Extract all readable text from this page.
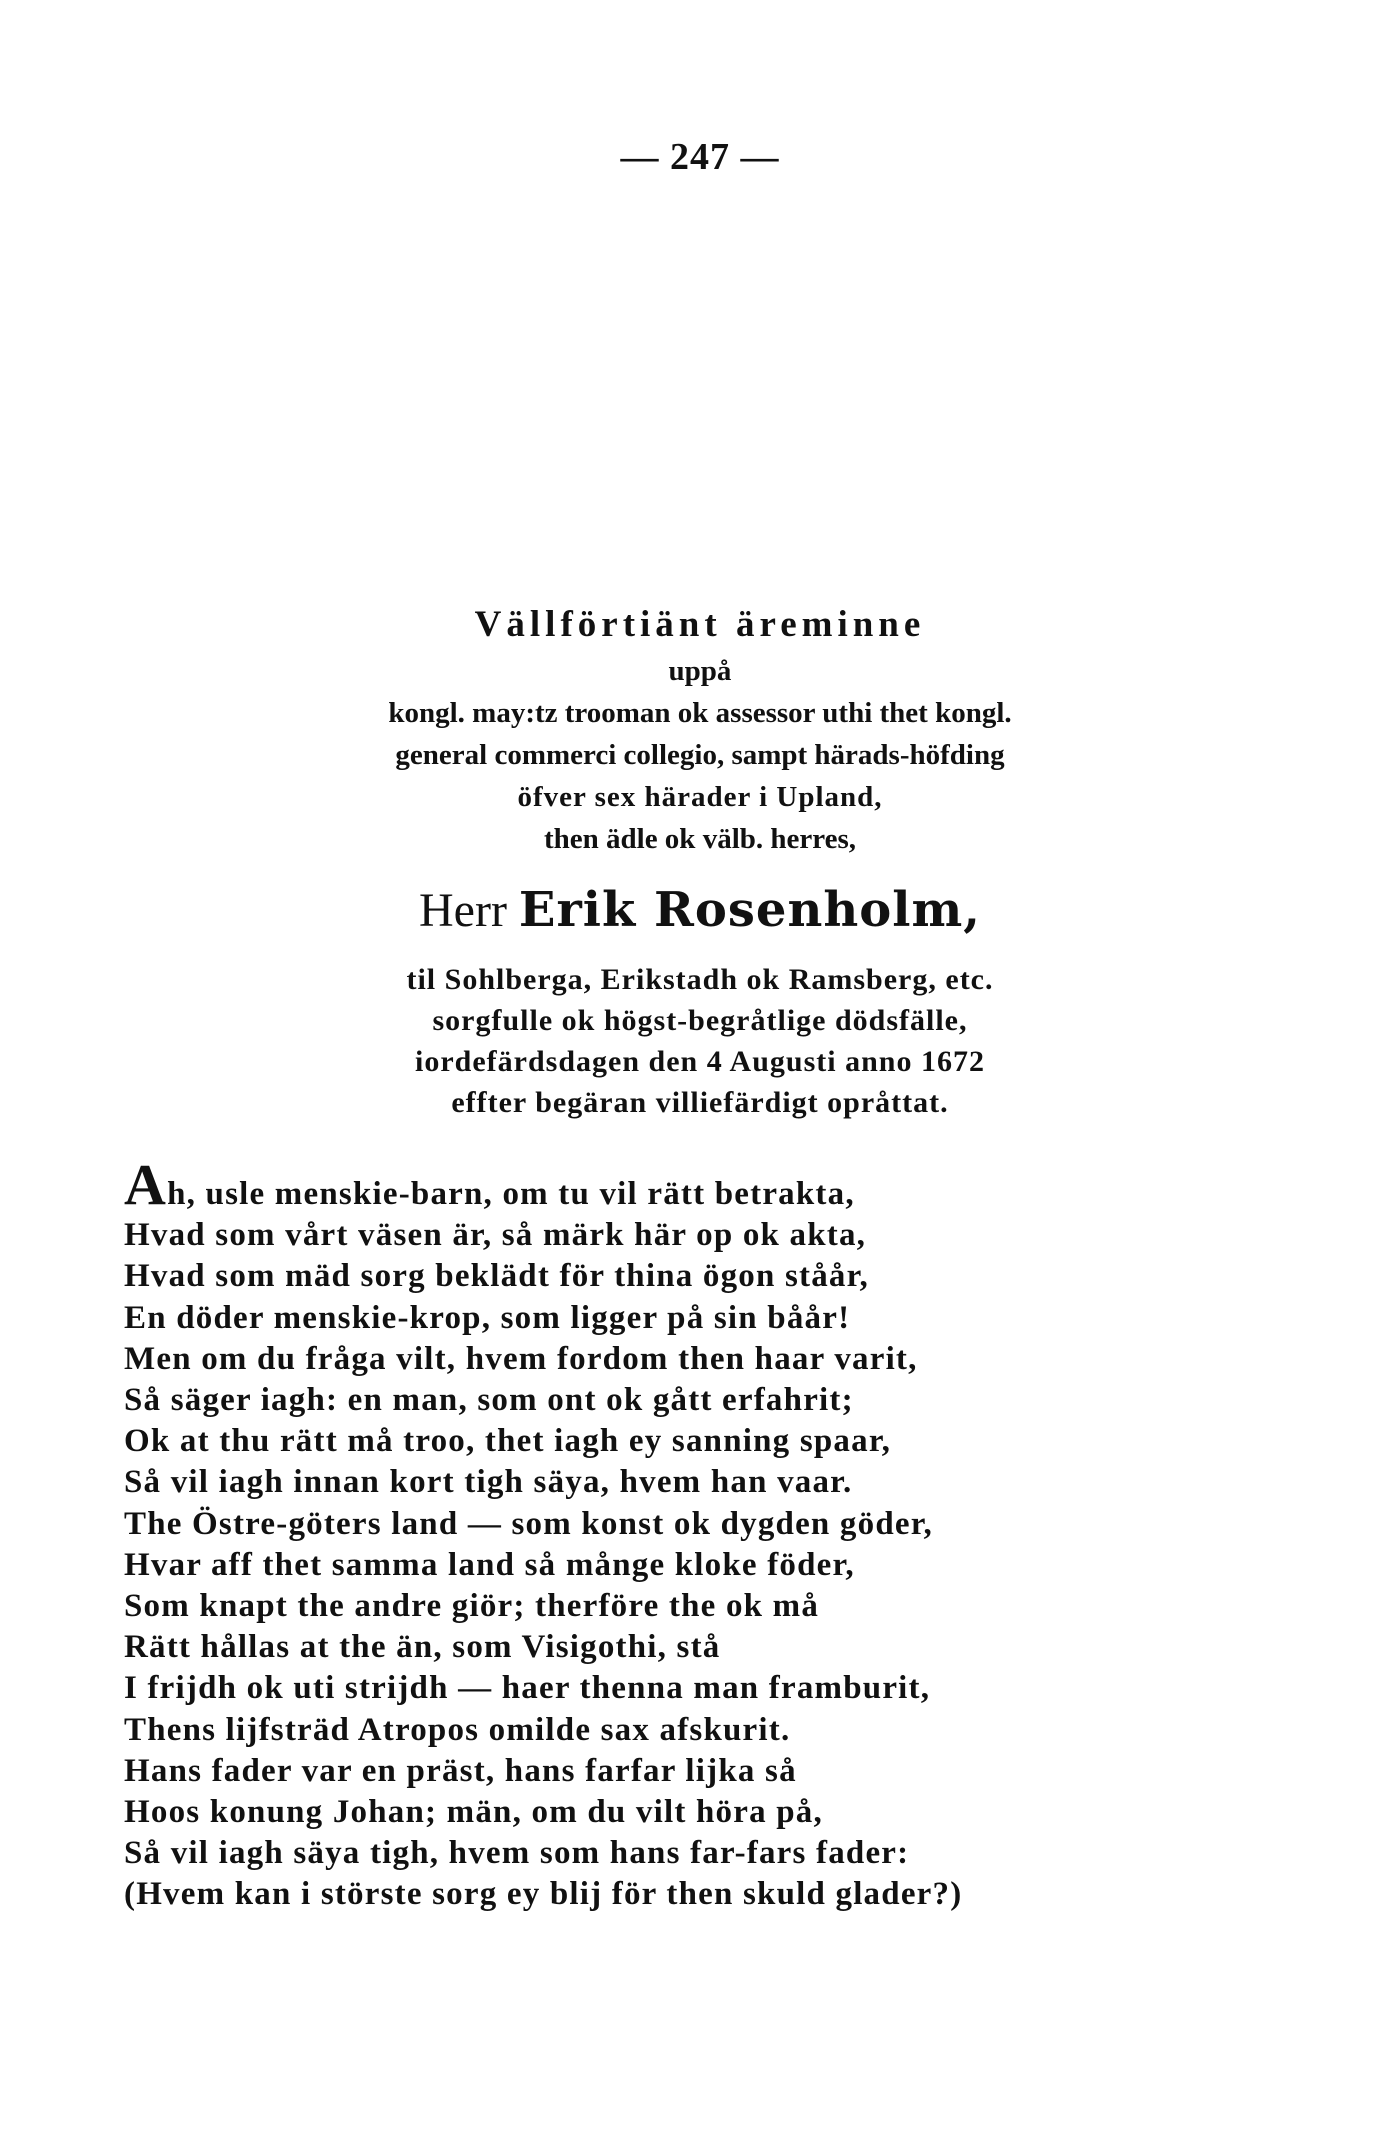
— 247 —
Vällförtiänt äreminne
uppå
kongl. may:tz trooman ok assessor uthi thet kongl.
general commerci collegio, sampt härads-höfding
öfver sex härader i Upland,
then ädle ok välb. herres,
Herr Erik Rosenholm,
til Sohlberga, Erikstadh ok Ramsberg, etc.
sorgfulle ok högst-begråtlige dödsfälle,
iordefärdsdagen den 4 Augusti anno 1672
effter begäran villiefärdigt opråttat.
Ah, usle menskie-barn, om tu vil rätt betrakta,
Hvad som vårt väsen är, så märk här op ok akta,
Hvad som mäd sorg beklädt för thina ögon ståår,
En döder menskie-krop, som ligger på sin båår!
Men om du fråga vilt, hvem fordom then haar varit,
Så säger iagh: en man, som ont ok gått erfahrit;
Ok at thu rätt må troo, thet iagh ey sanning spaar,
Så vil iagh innan kort tigh säya, hvem han vaar.
The Östre-göters land — som konst ok dygden göder,
Hvar aff thet samma land så månge kloke föder,
Som knapt the andre giör; therföre the ok må
Rätt hållas at the än, som Visigothi, stå
I frijdh ok uti strijdh — haer thenna man framburit,
Thens lijfsträd Atropos omilde sax afskurit.
Hans fader var en präst, hans farfar lijka så
Hoos konung Johan; män, om du vilt höra på,
Så vil iagh säya tigh, hvem som hans far-fars fader:
(Hvem kan i störste sorg ey blij för then skuld glader?)
